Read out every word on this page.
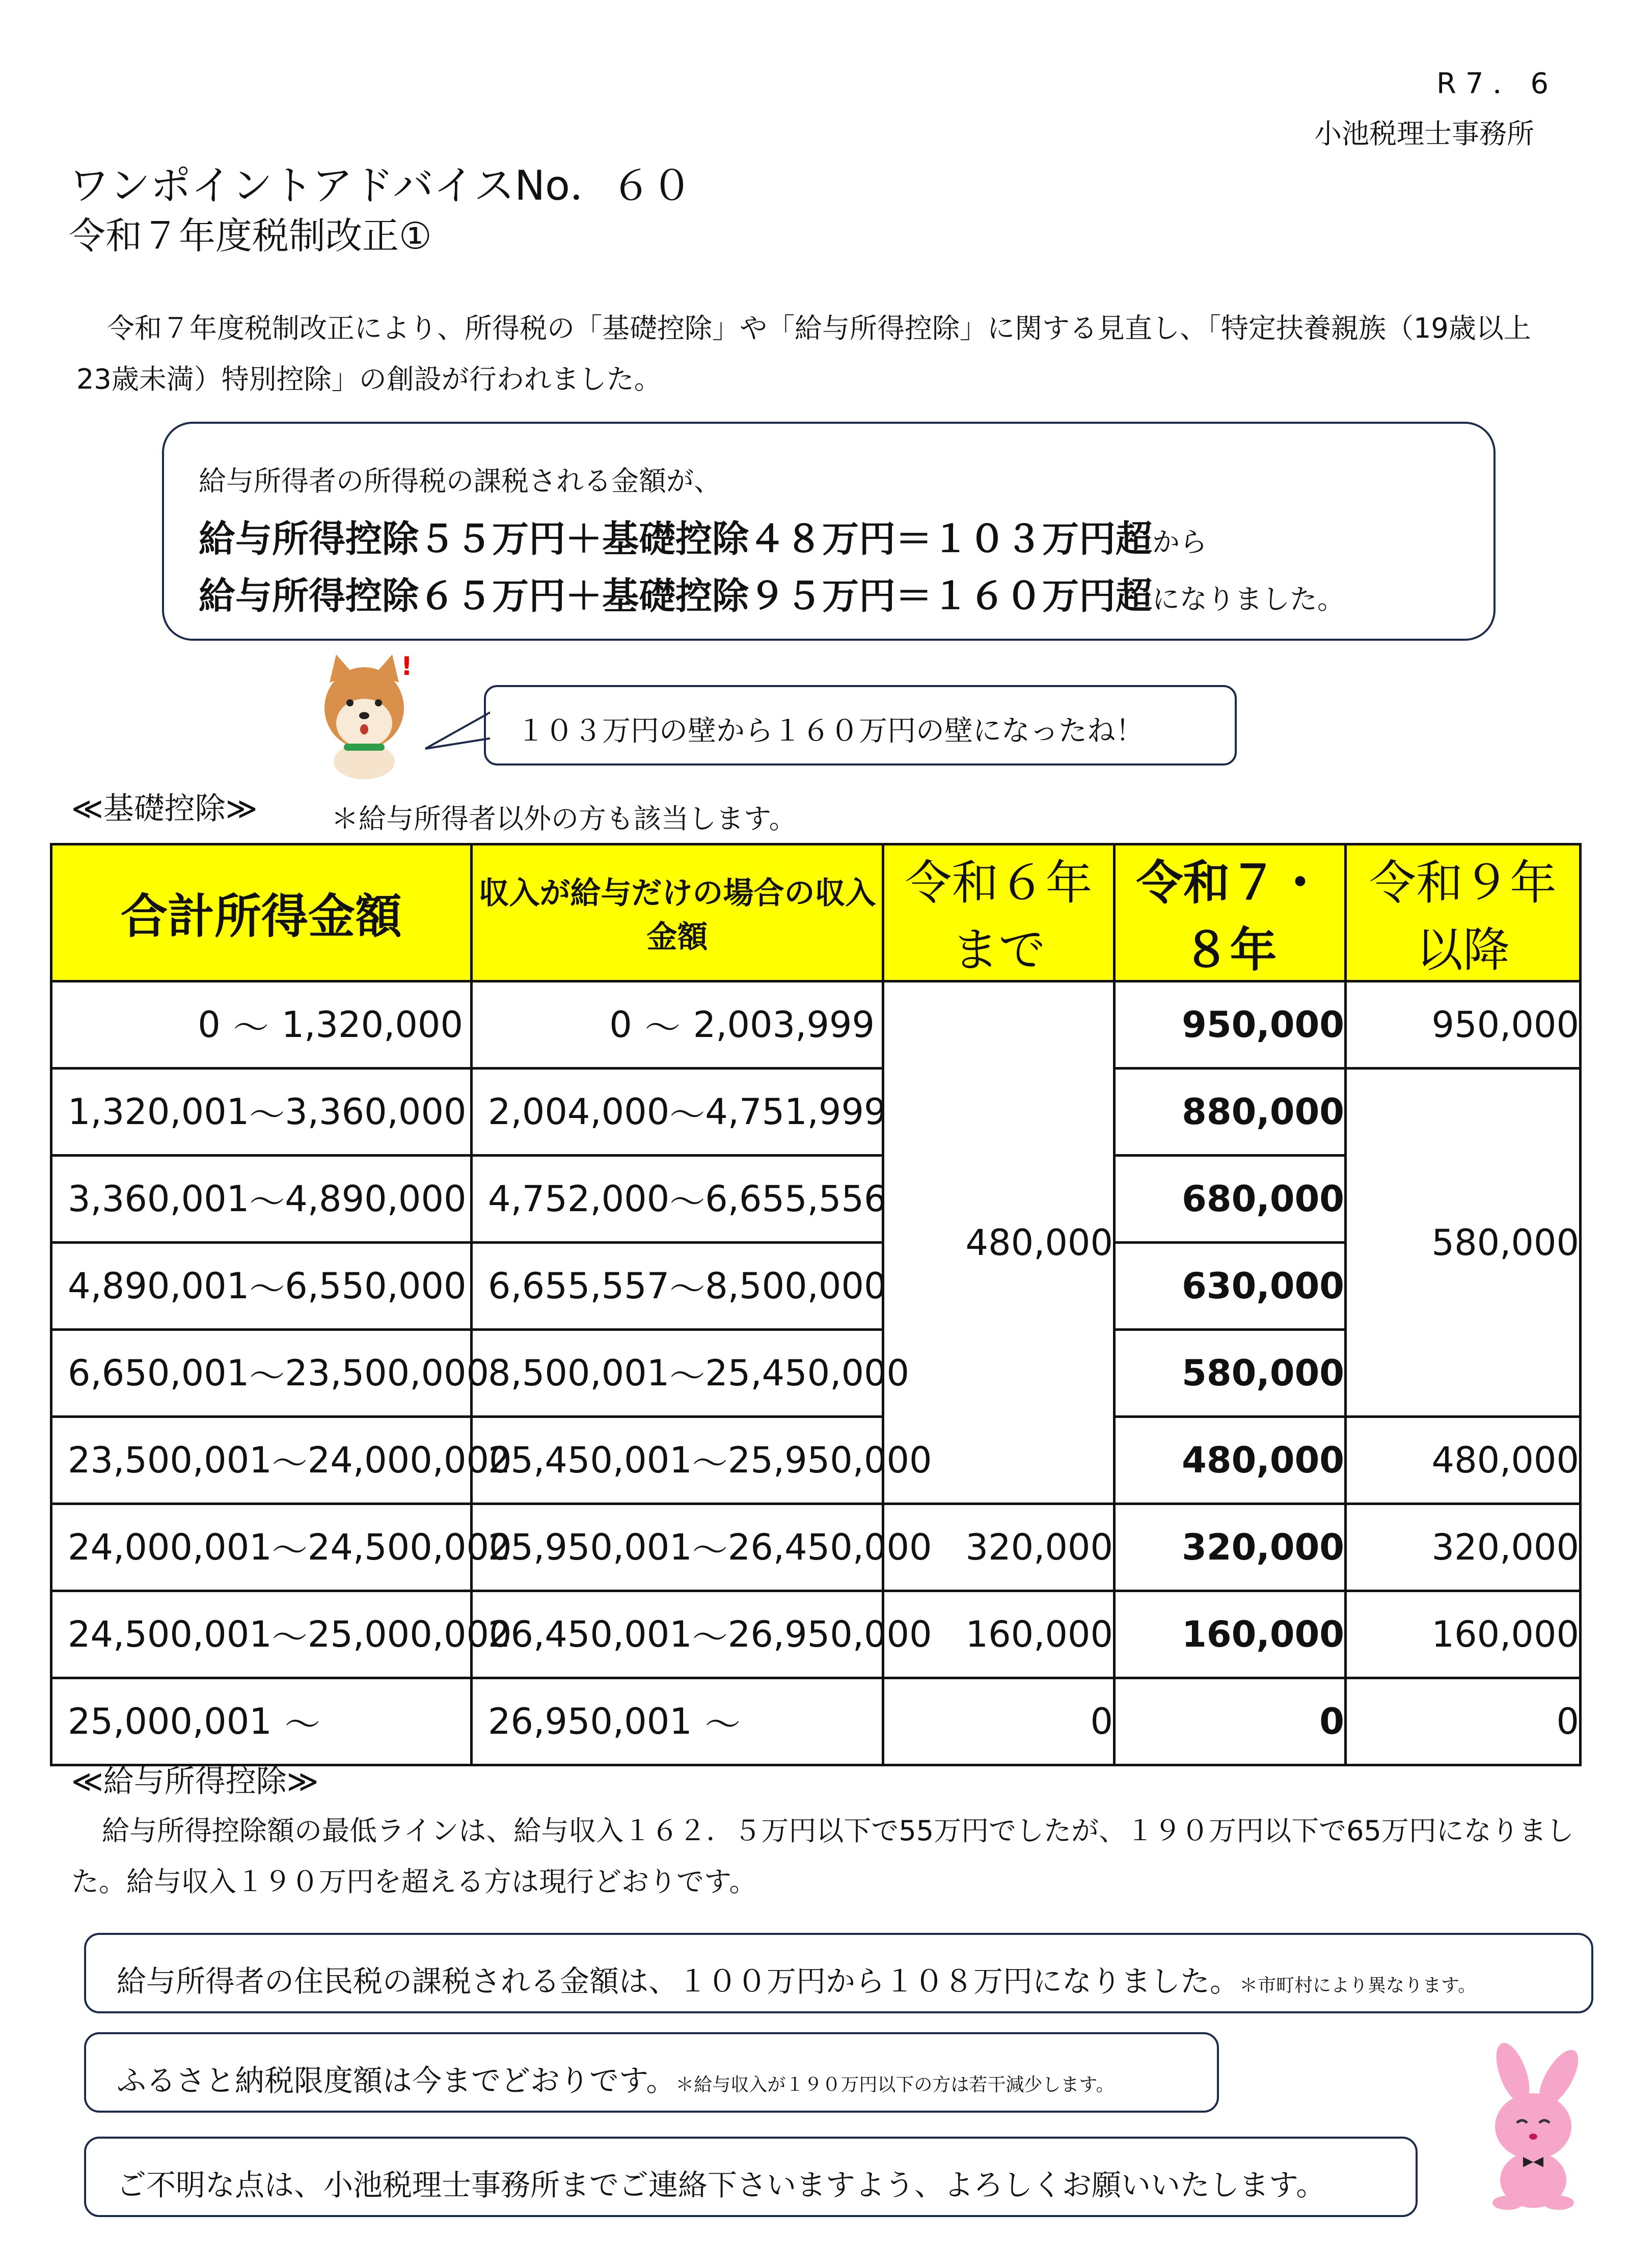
R7．6
小池税理士事務所
ワンポイントアドバイスNo．６０
令和７年度税制改正①
令和７年度税制改正により、所得税の「基礎控除」や「給与所得控除」に関する見直し、「特定扶養親族（19歳以上23歳未満）特別控除」の創設が行われました。
給与所得者の所得税の課税される金額が、
給与所得控除５５万円＋基礎控除４８万円＝１０３万円超から
給与所得控除６５万円＋基礎控除９５万円＝１６０万円超になりました。
!
１０３万円の壁から１６０万円の壁になったね！
≪基礎控除≫	＊給与所得者以外の方も該当します。
合計所得金額	収入が給与だけの場合の収入金額	令和６年まで	令和７・８年	令和９年以降

0 ～ 1,320,000	0 ～ 2,003,999	480,000	950,000	950,000

1,320,001 ～ 3,360,000	2,004,000 ～ 4,751,999		880,000	580,000

3,360,001 ～ 4,890,000	4,752,000 ～ 6,655,556		680,000	

4,890,001 ～ 6,550,000	6,655,557 ～ 8,500,000		630,000	

6,650,001 ～ 23,500,000	8,500,001 ～ 25,450,000		580,000	

23,500,001 ～ 24,000,000	25,450,001 ～ 25,950,000		480,000	480,000

24,000,001 ～ 24,500,000	25,950,001 ～ 26,450,000	320,000	320,000	320,000

24,500,001 ～ 25,000,000	26,450,001 ～ 26,950,000	160,000	160,000	160,000

25,000,001 ～	26,950,001 ～	0	0	0
≪給与所得控除≫
給与所得控除額の最低ラインは、給与収入１６２．５万円以下で55万円でしたが、１９０万円以下で65万円になりました。給与収入１９０万円を超える方は現行どおりです。
給与所得者の住民税の課税される金額は、１００万円から１０８万円になりました。＊市町村により異なります。
ふるさと納税限度額は今までどおりです。＊給与収入が１９０万円以下の方は若干減少します。
ご不明な点は、小池税理士事務所までご連絡下さいますよう、よろしくお願いいたします。
